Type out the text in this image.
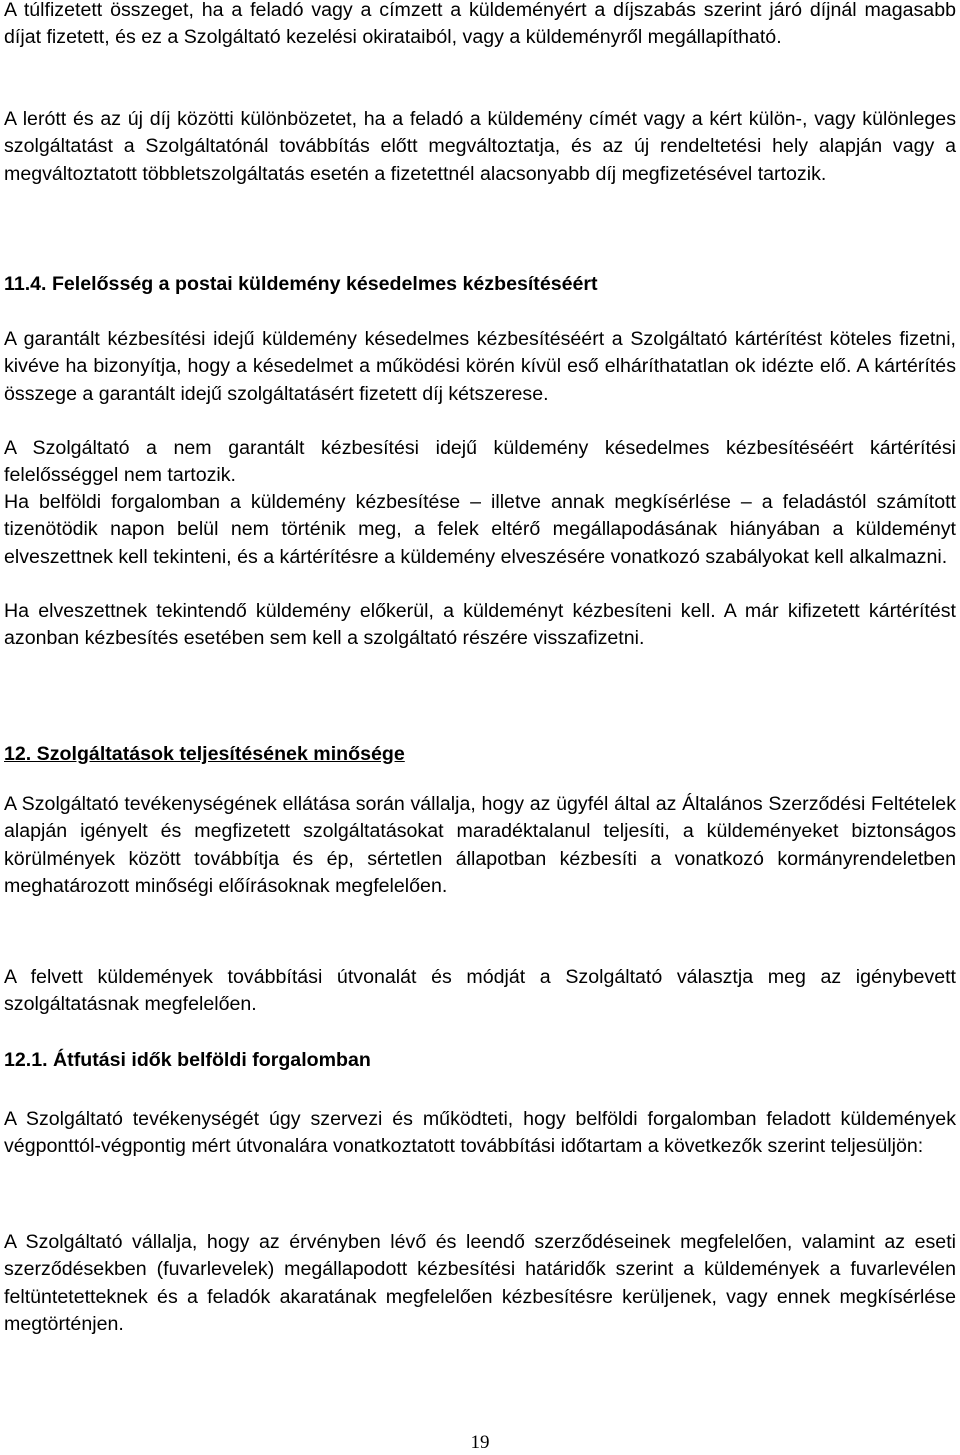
A túlfizetett összeget, ha a feladó vagy a címzett a küldeményért a díjszabás szerint járó díjnál magasabb díjat fizetett, és ez a Szolgáltató kezelési okirataiból, vagy a küldeményről megállapítható.

A lerótt és az új díj közötti különbözetet, ha a feladó a küldemény címét vagy a kért külön-, vagy különleges szolgáltatást a Szolgáltatónál továbbítás előtt megváltoztatja, és az új rendeltetési hely alapján vagy a megváltoztatott többletszolgáltatás esetén a fizetettnél alacsonyabb díj megfizetésével tartozik.

11.4. Felelősség a postai küldemény késedelmes kézbesítéséért

A garantált kézbesítési idejű küldemény késedelmes kézbesítéséért a Szolgáltató kártérítést köteles fizetni, kivéve ha bizonyítja, hogy a késedelmet a működési körén kívül eső elháríthatatlan ok idézte elő. A kártérítés összege a garantált idejű szolgáltatásért fizetett díj kétszerese.

A Szolgáltató a nem garantált kézbesítési idejű küldemény késedelmes kézbesítéséért kártérítési felelősséggel nem tartozik.

Ha belföldi forgalomban a küldemény kézbesítése – illetve annak megkísérlése – a feladástól számított tizenötödik napon belül nem történik meg, a felek eltérő megállapodásának hiányában a küldeményt elveszettnek kell tekinteni, és a kártérítésre a küldemény elveszésére vonatkozó szabályokat kell alkalmazni.

Ha elveszettnek tekintendő küldemény előkerül, a küldeményt kézbesíteni kell. A már kifizetett kártérítést azonban kézbesítés esetében sem kell a szolgáltató részére visszafizetni.

12. Szolgáltatások teljesítésének minősége

A Szolgáltató tevékenységének ellátása során vállalja, hogy az ügyfél által az Általános Szerződési Feltételek alapján igényelt és megfizetett szolgáltatásokat maradéktalanul teljesíti, a küldeményeket biztonságos körülmények között továbbítja és ép, sértetlen állapotban kézbesíti a vonatkozó kormányrendeletben meghatározott minőségi előírásoknak megfelelően.

A felvett küldemények továbbítási útvonalát és módját a Szolgáltató választja meg az igénybevett szolgáltatásnak megfelelően.

12.1. Átfutási idők belföldi forgalomban

A Szolgáltató tevékenységét úgy szervezi és működteti, hogy belföldi forgalomban feladott küldemények végponttól-végpontig mért útvonalára vonatkoztatott továbbítási időtartam a következők szerint teljesüljön:

A Szolgáltató vállalja, hogy az érvényben lévő és leendő szerződéseinek megfelelően, valamint az eseti szerződésekben (fuvarlevelek) megállapodott kézbesítési határidők szerint a küldemények a fuvarlevélen feltüntetetteknek és a feladók akaratának megfelelően kézbesítésre kerüljenek, vagy ennek megkísérlése megtörténjen.

19
